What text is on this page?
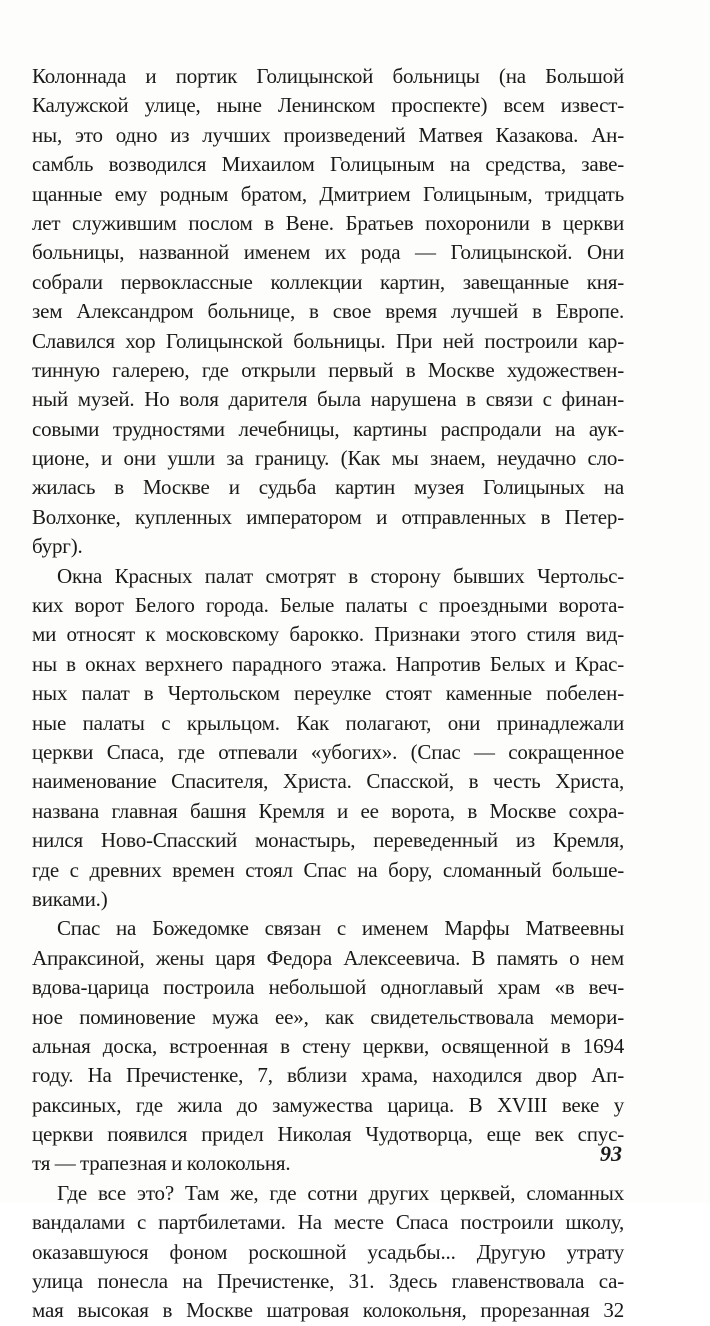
Колоннада и портик Голицынской больницы (на Большой
Калужской улице, ныне Ленинском проспекте) всем извест-
ны, это одно из лучших произведений Матвея Казакова. Ан-
самбль возводился Михаилом Голицыным на средства, заве-
щанные ему родным братом, Дмитрием Голицыным, тридцать
лет служившим послом в Вене. Братьев похоронили в церкви
больницы, названной именем их рода — Голицынской. Они
собрали первоклассные коллекции картин, завещанные кня-
зем Александром больнице, в свое время лучшей в Европе.
Славился хор Голицынской больницы. При ней построили кар-
тинную галерею, где открыли первый в Москве художествен-
ный музей. Но воля дарителя была нарушена в связи с финан-
совыми трудностями лечебницы, картины распродали на аук-
ционе, и они ушли за границу. (Как мы знаем, неудачно сло-
жилась в Москве и судьба картин музея Голицыных на
Волхонке, купленных императором и отправленных в Петер-
бург).
Окна Красных палат смотрят в сторону бывших Чертольс-
ких ворот Белого города. Белые палаты с проездными ворота-
ми относят к московскому барокко. Признаки этого стиля вид-
ны в окнах верхнего парадного этажа. Напротив Белых и Крас-
ных палат в Чертольском переулке стоят каменные побелен-
ные палаты с крыльцом. Как полагают, они принадлежали
церкви Спаса, где отпевали «убогих». (Спас — сокращенное
наименование Спасителя, Христа. Спасской, в честь Христа,
названа главная башня Кремля и ее ворота, в Москве сохра-
нился Ново-Спасский монастырь, переведенный из Кремля,
где с древних времен стоял Спас на бору, сломанный больше-
виками.)
Спас на Божедомке связан с именем Марфы Матвеевны
Апраксиной, жены царя Федора Алексеевича. В память о нем
вдова-царица построила небольшой одноглавый храм «в веч-
ное поминовение мужа ее», как свидетельствовала мемори-
альная доска, встроенная в стену церкви, освященной в 1694
году. На Пречистенке, 7, вблизи храма, находился двор Ап-
раксиных, где жила до замужества царица. В XVIII веке у
церкви появился придел Николая Чудотворца, еще век спус-
тя — трапезная и колокольня.
Где все это? Там же, где сотни других церквей, сломанных
вандалами с партбилетами. На месте Спаса построили школу,
оказавшуюся фоном роскошной усадьбы... Другую утрату
улица понесла на Пречистенке, 31. Здесь главенствовала са-
мая высокая в Москве шатровая колокольня, прорезанная 32
93
